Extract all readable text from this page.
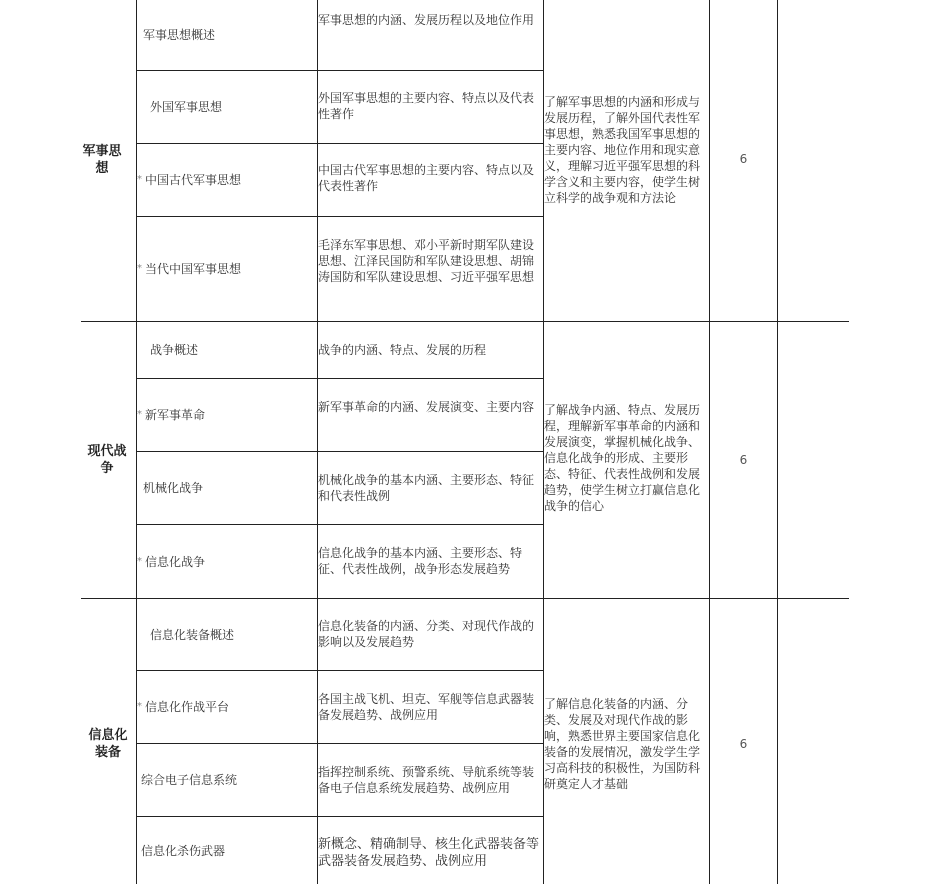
军事思想
军事思想概述
外国军事思想
* 中国古代军事思想
* 当代中国军事思想
军事思想的内涵、发展历程以及地位作用
外国军事思想的主要内容、特点以及代表性著作
中国古代军事思想的主要内容、特点以及代表性著作
毛泽东军事思想、邓小平新时期军队建设思想、江泽民国防和军队建设思想、胡锦涛国防和军队建设思想、习近平强军思想
了解军事思想的内涵和形成与发展历程，了解外国代表性军事思想，熟悉我国军事思想的主要内容、地位作用和现实意义，理解习近平强军思想的科学含义和主要内容，使学生树立科学的战争观和方法论
6
现代战争
战争概述
* 新军事革命
机械化战争
* 信息化战争
战争的内涵、特点、发展的历程
新军事革命的内涵、发展演变、主要内容
机械化战争的基本内涵、主要形态、特征和代表性战例
信息化战争的基本内涵、主要形态、特征、代表性战例，战争形态发展趋势
了解战争内涵、特点、发展历程，理解新军事革命的内涵和发展演变，掌握机械化战争、信息化战争的形成、主要形态、特征、代表性战例和发展趋势，使学生树立打赢信息化战争的信心
6
信息化装备
信息化装备概述
* 信息化作战平台
综合电子信息系统
信息化杀伤武器
信息化装备的内涵、分类、对现代作战的影响以及发展趋势
各国主战飞机、坦克、军舰等信息武器装备发展趋势、战例应用
指挥控制系统、预警系统、导航系统等装备电子信息系统发展趋势、战例应用
新概念、精确制导、核生化武器装备等武器装备发展趋势、战例应用
了解信息化装备的内涵、分类、发展及对现代作战的影响，熟悉世界主要国家信息化装备的发展情况，激发学生学习高科技的积极性，为国防科研奠定人才基础
6
